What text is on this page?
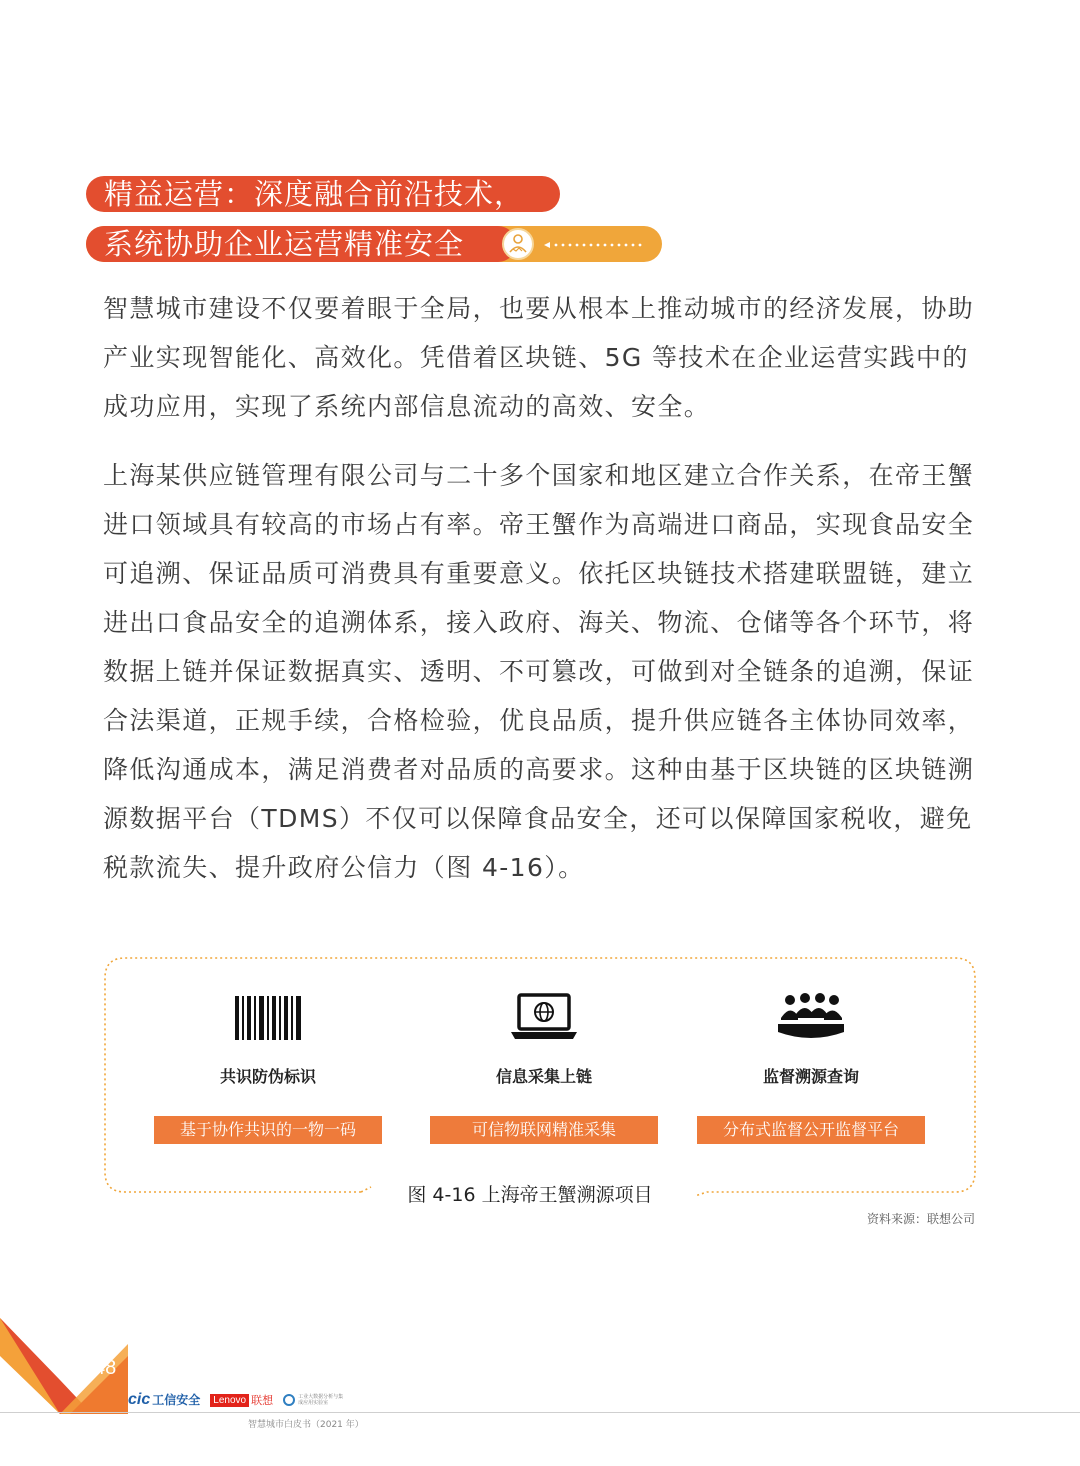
48
精益运营：深度融合前沿技术，
系统协助企业运营精准安全

智慧城市建设不仅要着眼于全局，也要从根本上推动城市的经济发展，协助产业实现智能化、高效化。凭借着区块链、5G 等技术在企业运营实践中的成功应用，实现了系统内部信息流动的高效、安全。

上海某供应链管理有限公司与二十多个国家和地区建立合作关系，在帝王蟹进口领域具有较高的市场占有率。帝王蟹作为高端进口商品，实现食品安全可追溯、保证品质可消费具有重要意义。依托区块链技术搭建联盟链，建立进出口食品安全的追溯体系，接入政府、海关、物流、仓储等各个环节，将数据上链并保证数据真实、透明、不可篡改，可做到对全链条的追溯，保证合法渠道，正规手续，合格检验，优良品质，提升供应链各主体协同效率，降低沟通成本，满足消费者对品质的高要求。这种由基于区块链的区块链溯源数据平台（TDMS）不仅可以保障食品安全，还可以保障国家税收，避免税款流失、提升政府公信力（图 4-16）。

共识防伪标识
基于协作共识的一物一码
信息采集上链
可信物联网精准采集
监督溯源查询
分布式监督公开监督平台
图 4-16 上海帝王蟹溯源项目
资料来源：联想公司
cic 工信安全	Lenovo 联想	工业大数据分析与集成应用实验室
智慧城市白皮书（2021 年）
